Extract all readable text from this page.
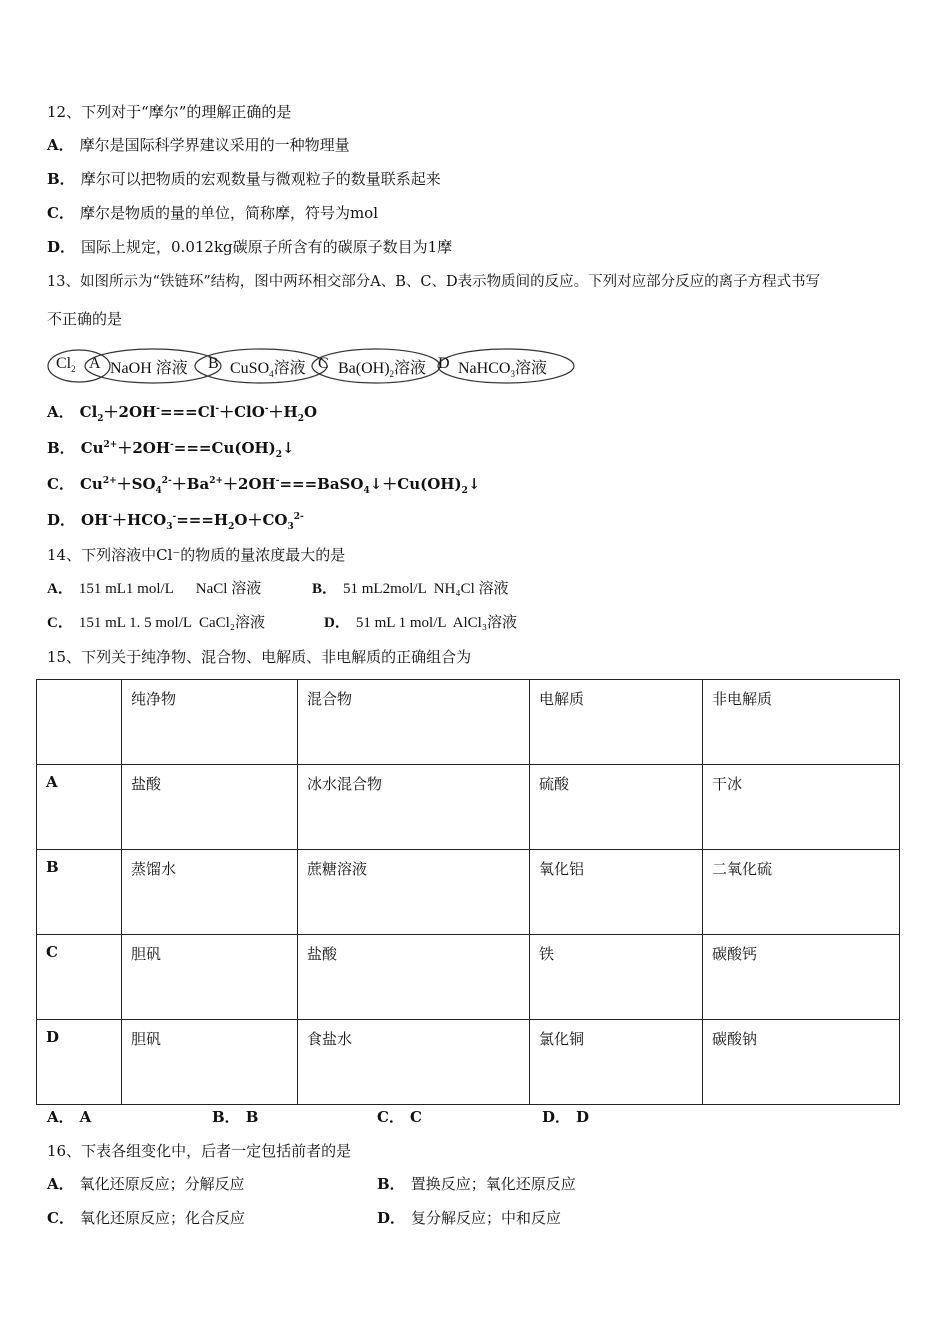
12、下列对于“摩尔”的理解正确的是
A． 摩尔是国际科学界建议采用的一种物理量
B． 摩尔可以把物质的宏观数量与微观粒子的数量联系起来
C． 摩尔是物质的量的单位，简称摩，符号为mol
D． 国际上规定，0.012kg碳原子所含有的碳原子数目为1摩
13、如图所示为“铁链环”结构，图中两环相交部分A、B、C、D表示物质间的反应。下列对应部分反应的离子方程式书写
不正确的是
$Cl_2$ A NaOH 溶液 B CuSO$_4$溶液 C $Ba(OH)_2$溶液 D NaHCO$_3$溶液
A． $Cl_2+2OH^-===Cl^-+ClO^-+H_2O$
B． $Cu^{2+}+2OH^-===Cu(OH)_2↓$
C． $Cu^{2+}+SO_4^{2-}+Ba^{2+}+2OH^-===BaSO_4↓+Cu(OH)_2↓$
D． $OH^-+HCO_3^-===H_2O+CO_3^{2-}$
14、下列溶液中Cl⁻的物质的量浓度最大的是
A． 151 mL1 mol/L      NaCl 溶液	B． 51 mL2mol/L  NH₄Cl 溶液
C． 151 mL 1. 5 mol/L  CaCl₂溶液	D． 51 mL 1 mol/L  AlCl₃溶液
15、下列关于纯净物、混合物、电解质、非电解质的正确组合为
	纯净物	混合物	电解质	非电解质
A	盐酸	冰水混合物	硫酸	干冰
B	蒸馏水	蔗糖溶液	氧化铝	二氧化硫
C	胆矾	盐酸	铁	碳酸钙
D	胆矾	食盐水	氯化铜	碳酸钠
A． A	B． B	C． C	D． D
16、下表各组变化中，后者一定包括前者的是
A． 氧化还原反应；分解反应	B． 置换反应；氧化还原反应
C． 氧化还原反应；化合反应	D． 复分解反应；中和反应
